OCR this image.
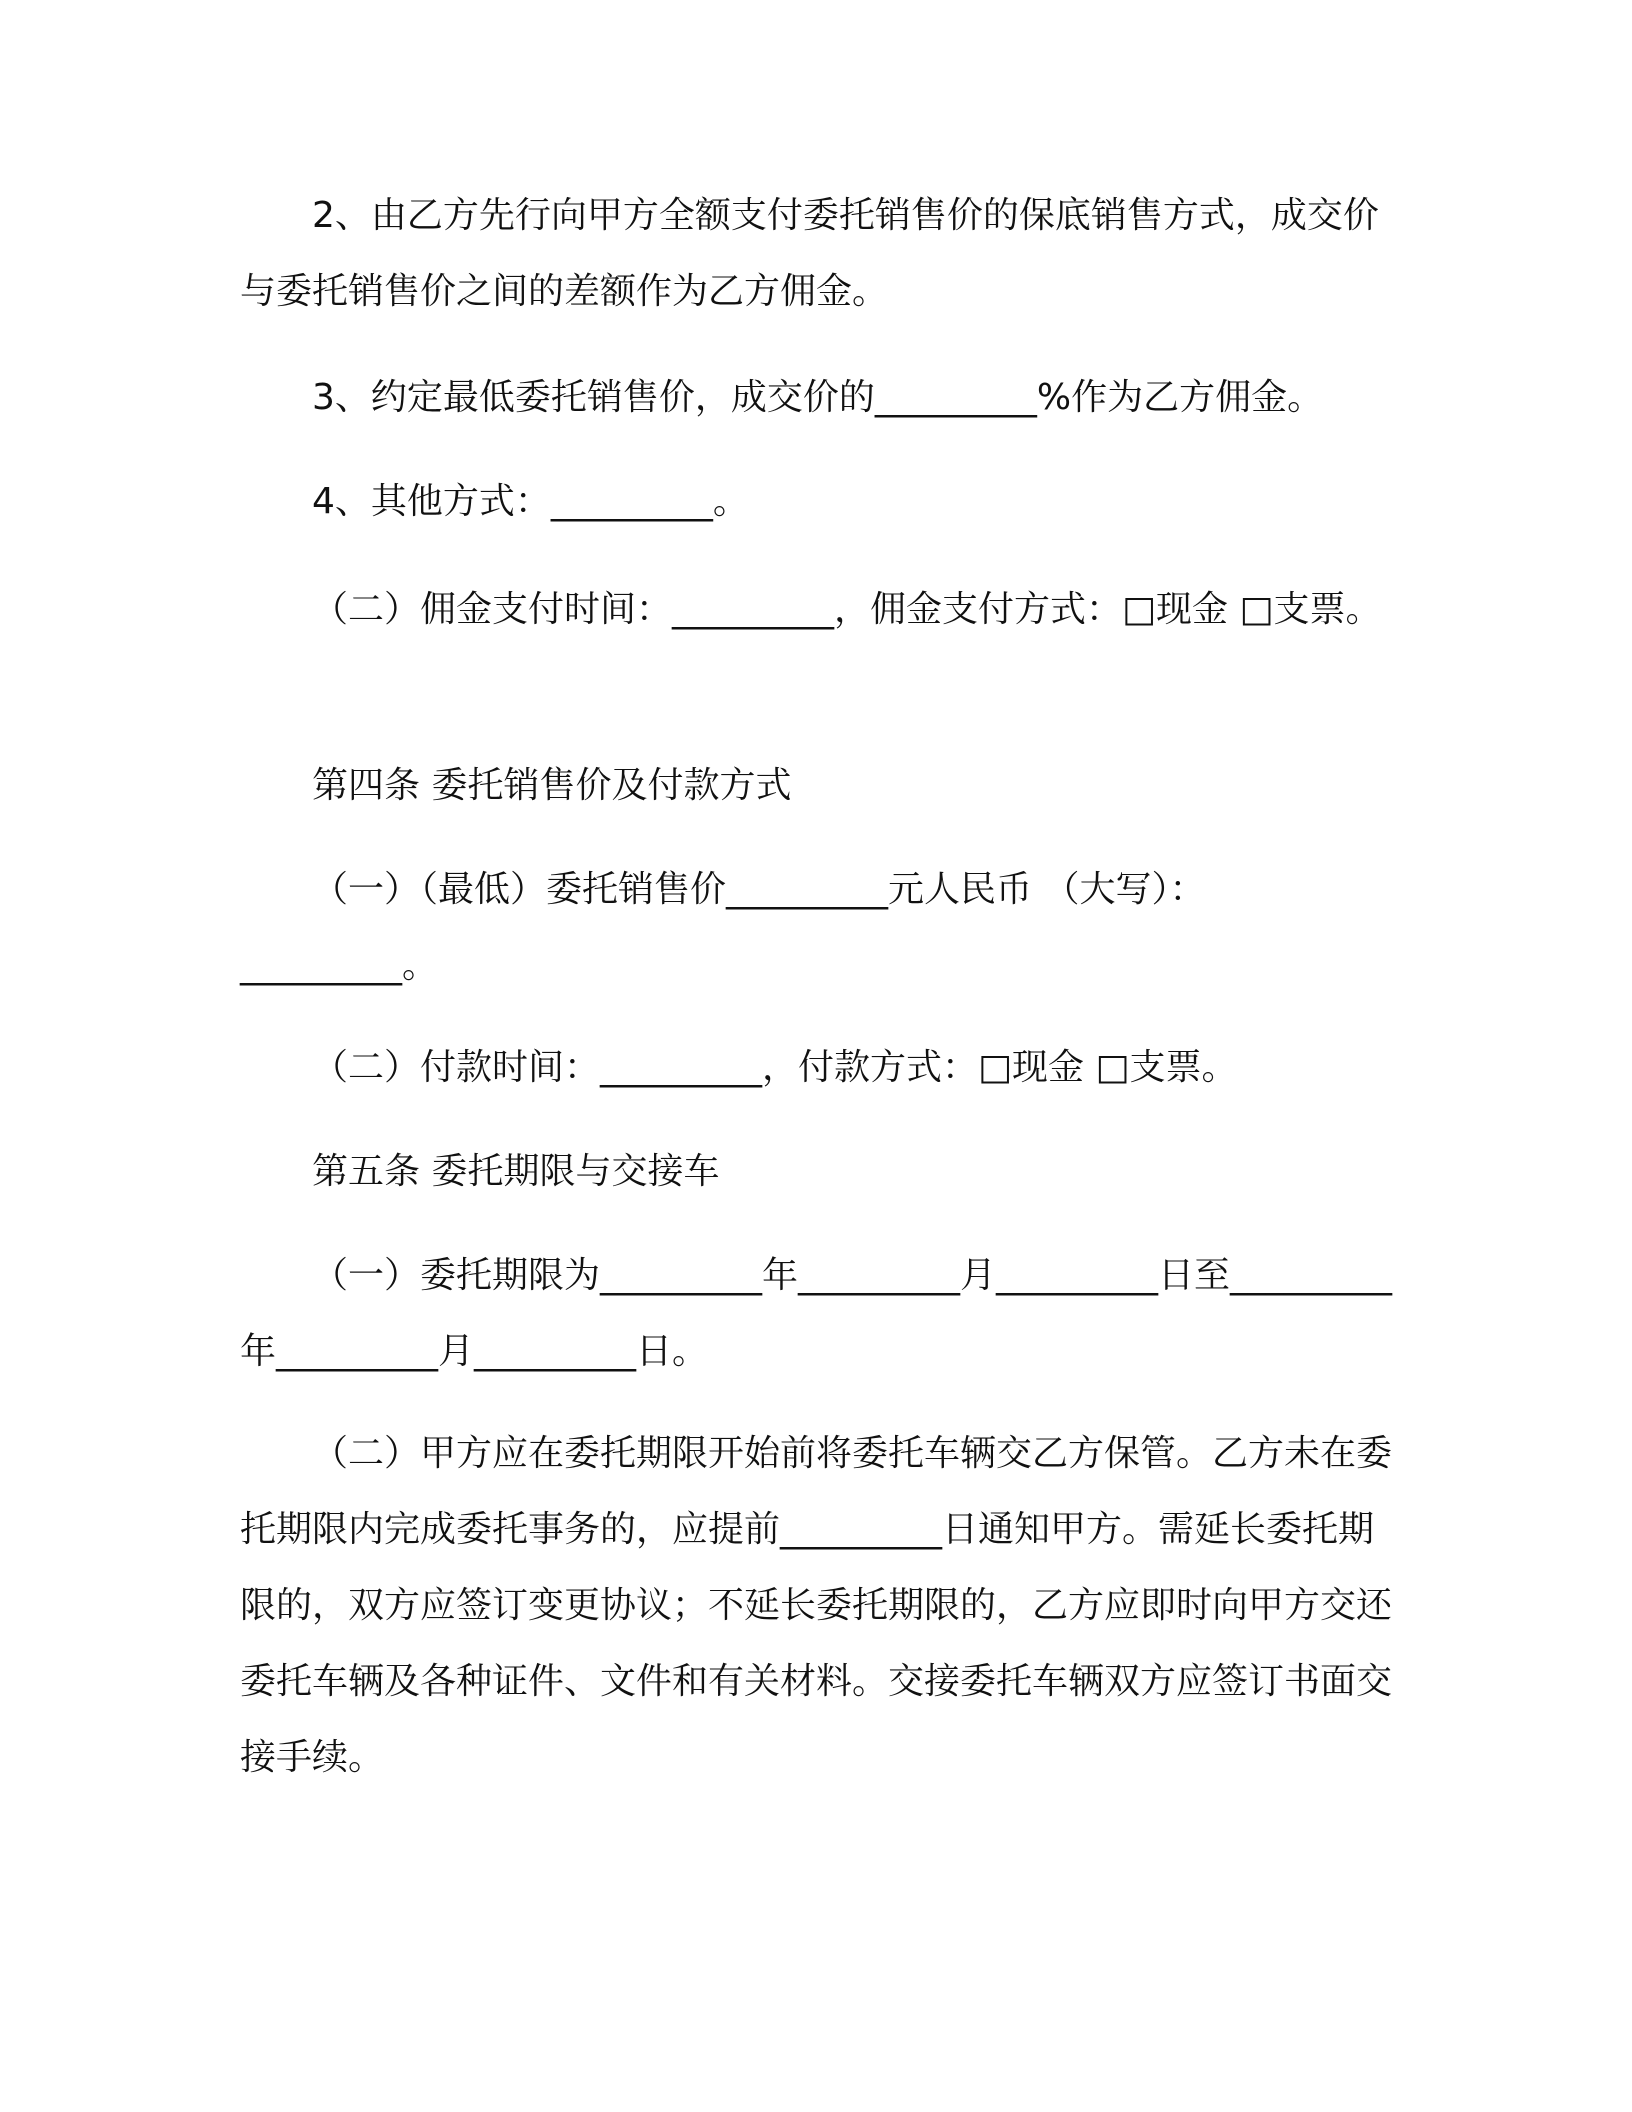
2、由乙方先行向甲方全额支付委托销售价的保底销售方式，成交价与委托销售价之间的差额作为乙方佣金。

3、约定最低委托销售价，成交价的_________%作为乙方佣金。

4、其他方式：_________。

（二）佣金支付时间：_________，佣金支付方式：□现金 □支票。

第四条 委托销售价及付款方式

（一）（最低）委托销售价_________元人民币 （大写）：_________。

（二）付款时间：_________，付款方式：□现金 □支票。

第五条 委托期限与交接车

（一）委托期限为_________年_________月_________日至_________年_________月_________日。

（二）甲方应在委托期限开始前将委托车辆交乙方保管。乙方未在委托期限内完成委托事务的，应提前_________日通知甲方。需延长委托期限的，双方应签订变更协议；不延长委托期限的，乙方应即时向甲方交还委托车辆及各种证件、文件和有关材料。交接委托车辆双方应签订书面交接手续。
